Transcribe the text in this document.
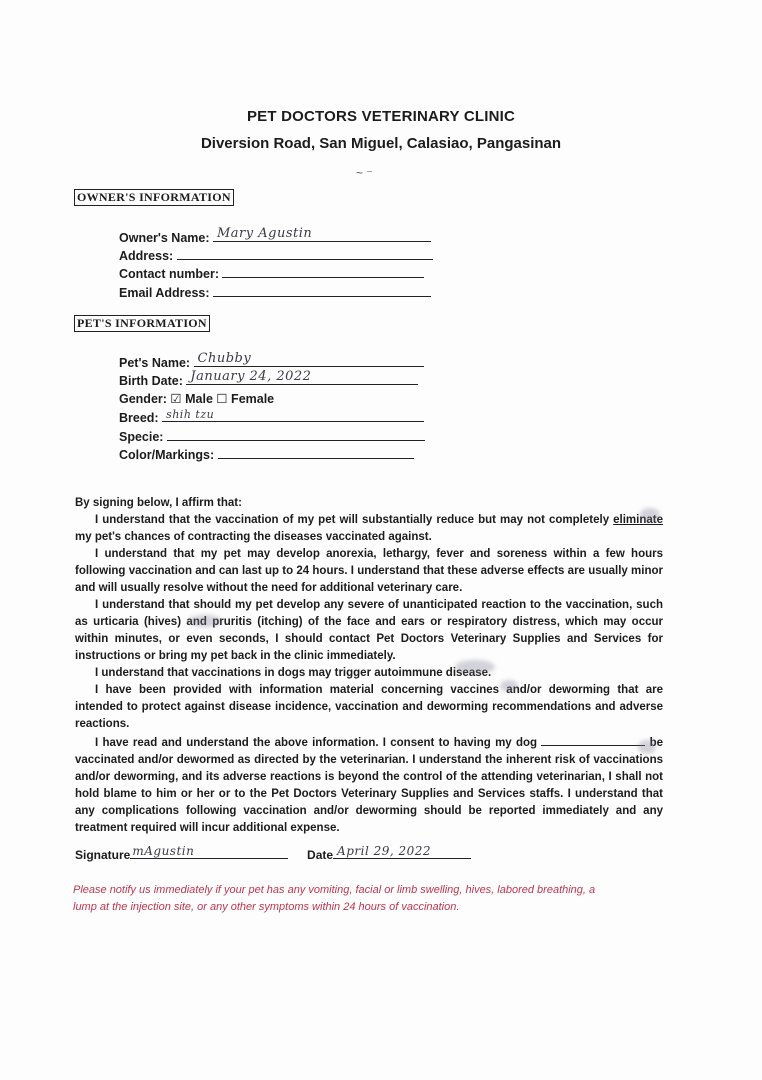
PET DOCTORS VETERINARY CLINIC
Diversion Road, San Miguel, Calasiao, Pangasinan
~ ⁻
OWNER'S INFORMATION
Owner's Name: Mary Agustin
Address:
Contact number:
Email Address:
PET'S INFORMATION
Pet's Name: Chubby
Birth Date: January 24, 2022
Gender: ☑ Male ☐ Female
Breed: shih tzu
Specie:
Color/Markings:

By signing below, I affirm that:

I understand that the vaccination of my pet will substantially reduce but may not completely eliminate my pet's chances of contracting the diseases vaccinated against.

I understand that my pet may develop anorexia, lethargy, fever and soreness within a few hours following vaccination and can last up to 24 hours. I understand that these adverse effects are usually minor and will usually resolve without the need for additional veterinary care.

I understand that should my pet develop any severe of unanticipated reaction to the vaccination, such as urticaria (hives) and pruritis (itching) of the face and ears or respiratory distress, which may occur within minutes, or even seconds, I should contact Pet Doctors Veterinary Supplies and Services for instructions or bring my pet back in the clinic immediately.

I understand that vaccinations in dogs may trigger autoimmune disease.

I have been provided with information material concerning vaccines and/or deworming that are intended to protect against disease incidence, vaccination and deworming recommendations and adverse reactions.

I have read and understand the above information. I consent to having my dog	be vaccinated and/or dewormed as directed by the veterinarian. I understand the inherent risk of vaccinations and/or deworming, and its adverse reactions is beyond the control of the attending veterinarian, I shall not hold blame to him or her or to the Pet Doctors Veterinary Supplies and Services staffs. I understand that any complications following vaccination and/or deworming should be reported immediately and any treatment required will incur additional expense.

Signature mAgustin	Date April 29, 2022
Please notify us immediately if your pet has any vomiting, facial or limb swelling, hives, labored breathing, a lump at the injection site, or any other symptoms within 24 hours of vaccination.
